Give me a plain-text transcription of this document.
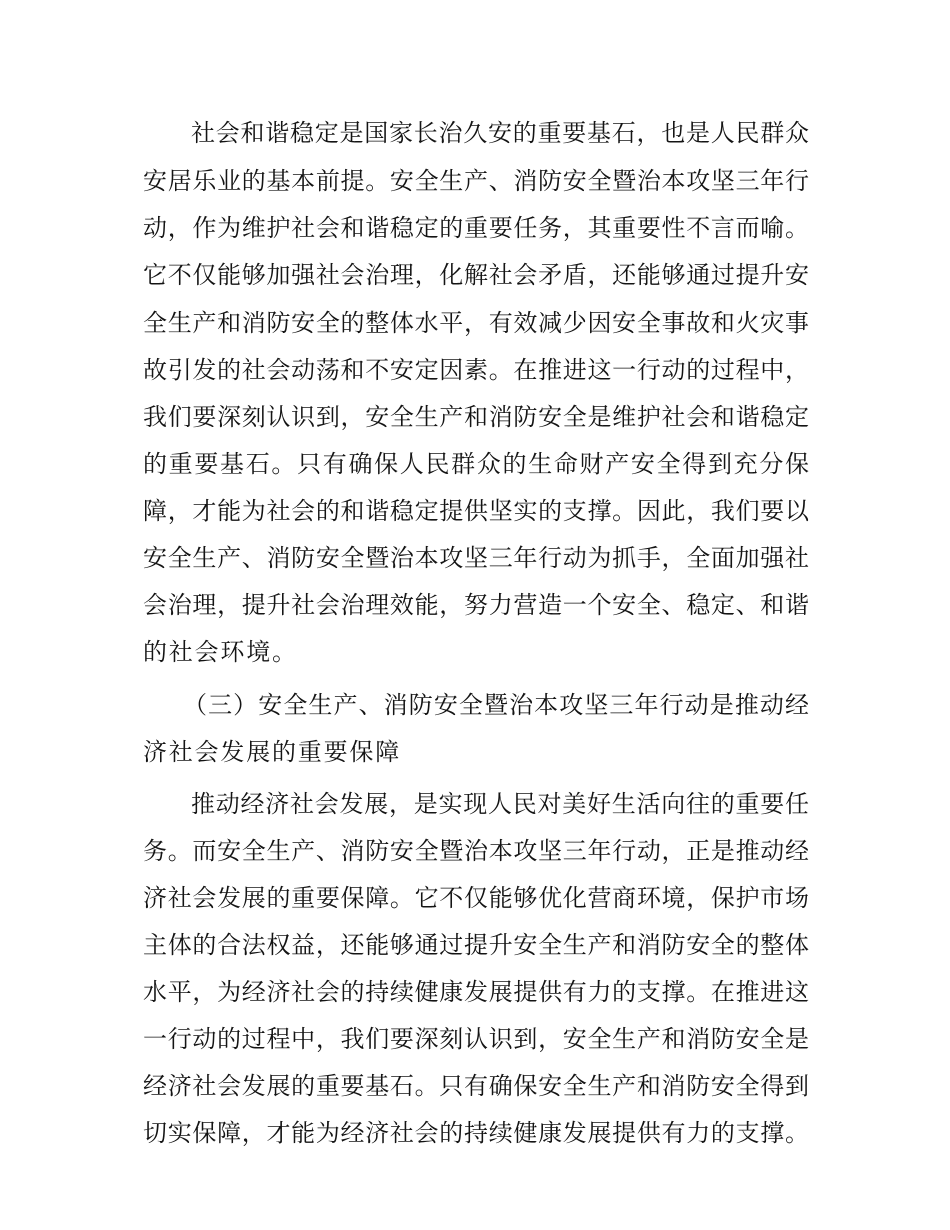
社会和谐稳定是国家长治久安的重要基石，也是人民群众
安居乐业的基本前提。安全生产、消防安全暨治本攻坚三年行
动，作为维护社会和谐稳定的重要任务，其重要性不言而喻。
它不仅能够加强社会治理，化解社会矛盾，还能够通过提升安
全生产和消防安全的整体水平，有效减少因安全事故和火灾事
故引发的社会动荡和不安定因素。在推进这一行动的过程中，
我们要深刻认识到，安全生产和消防安全是维护社会和谐稳定
的重要基石。只有确保人民群众的生命财产安全得到充分保
障，才能为社会的和谐稳定提供坚实的支撑。因此，我们要以
安全生产、消防安全暨治本攻坚三年行动为抓手，全面加强社
会治理，提升社会治理效能，努力营造一个安全、稳定、和谐
的社会环境。
（三）安全生产、消防安全暨治本攻坚三年行动是推动经
济社会发展的重要保障
推动经济社会发展，是实现人民对美好生活向往的重要任
务。而安全生产、消防安全暨治本攻坚三年行动，正是推动经
济社会发展的重要保障。它不仅能够优化营商环境，保护市场
主体的合法权益，还能够通过提升安全生产和消防安全的整体
水平，为经济社会的持续健康发展提供有力的支撑。在推进这
一行动的过程中，我们要深刻认识到，安全生产和消防安全是
经济社会发展的重要基石。只有确保安全生产和消防安全得到
切实保障，才能为经济社会的持续健康发展提供有力的支撑。
